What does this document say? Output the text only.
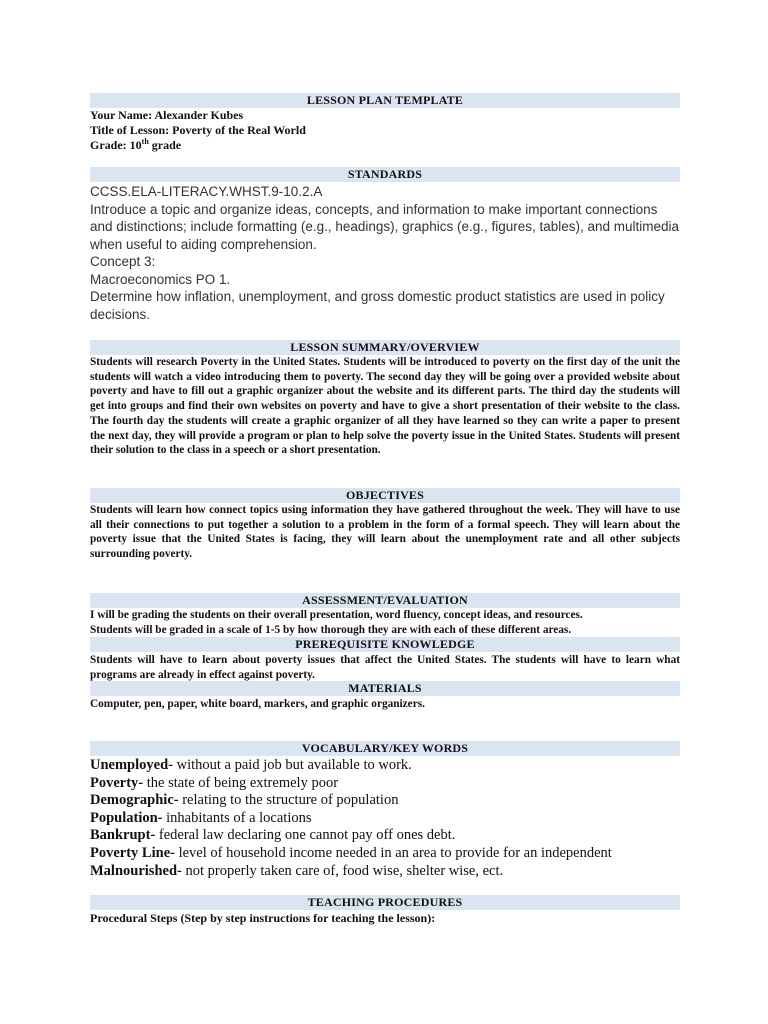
LESSON PLAN TEMPLATE
Your Name: Alexander Kubes
Title of Lesson: Poverty of the Real World
Grade: 10th grade
STANDARDS

CCSS.ELA-LITERACY.WHST.9-10.2.A

Introduce a topic and organize ideas, concepts, and information to make important connections and distinctions; include formatting (e.g., headings), graphics (e.g., figures, tables), and multimedia when useful to aiding comprehension.

Concept 3:

Macroeconomics PO 1.

Determine how inflation, unemployment, and gross domestic product statistics are used in policy decisions.

LESSON SUMMARY/OVERVIEW

Students will research Poverty in the United States. Students will be introduced to poverty on the first day of the unit the students will watch a video introducing them to poverty. The second day they will be going over a provided website about poverty and have to fill out a graphic organizer about the website and its different parts. The third day the students will get into groups and find their own websites on poverty and have to give a short presentation of their website to the class. The fourth day the students will create a graphic organizer of all they have learned so they can write a paper to present the next day, they will provide a program or plan to help solve the poverty issue in the United States. Students will present their solution to the class in a speech or a short presentation.

OBJECTIVES

Students will learn how connect topics using information they have gathered throughout the week. They will have to use all their connections to put together a solution to a problem in the form of a formal speech. They will learn about the poverty issue that the United States is facing, they will learn about the unemployment rate and all other subjects surrounding poverty.

ASSESSMENT/EVALUATION

I will be grading the students on their overall presentation, word fluency, concept ideas, and resources.

Students will be graded in a scale of 1-5 by how thorough they are with each of these different areas.

PREREQUISITE KNOWLEDGE

Students will have to learn about poverty issues that affect the United States. The students will have to learn what programs are already in effect against poverty.

MATERIALS

Computer, pen, paper, white board, markers, and graphic organizers.

VOCABULARY/KEY WORDS

Unemployed- without a paid job but available to work.

Poverty- the state of being extremely poor

Demographic- relating to the structure of population

Population- inhabitants of a locations

Bankrupt- federal law declaring one cannot pay off ones debt.

Poverty Line- level of household income needed in an area to provide for an independent

Malnourished- not properly taken care of, food wise, shelter wise, ect.

TEACHING PROCEDURES
Procedural Steps (Step by step instructions for teaching the lesson):
